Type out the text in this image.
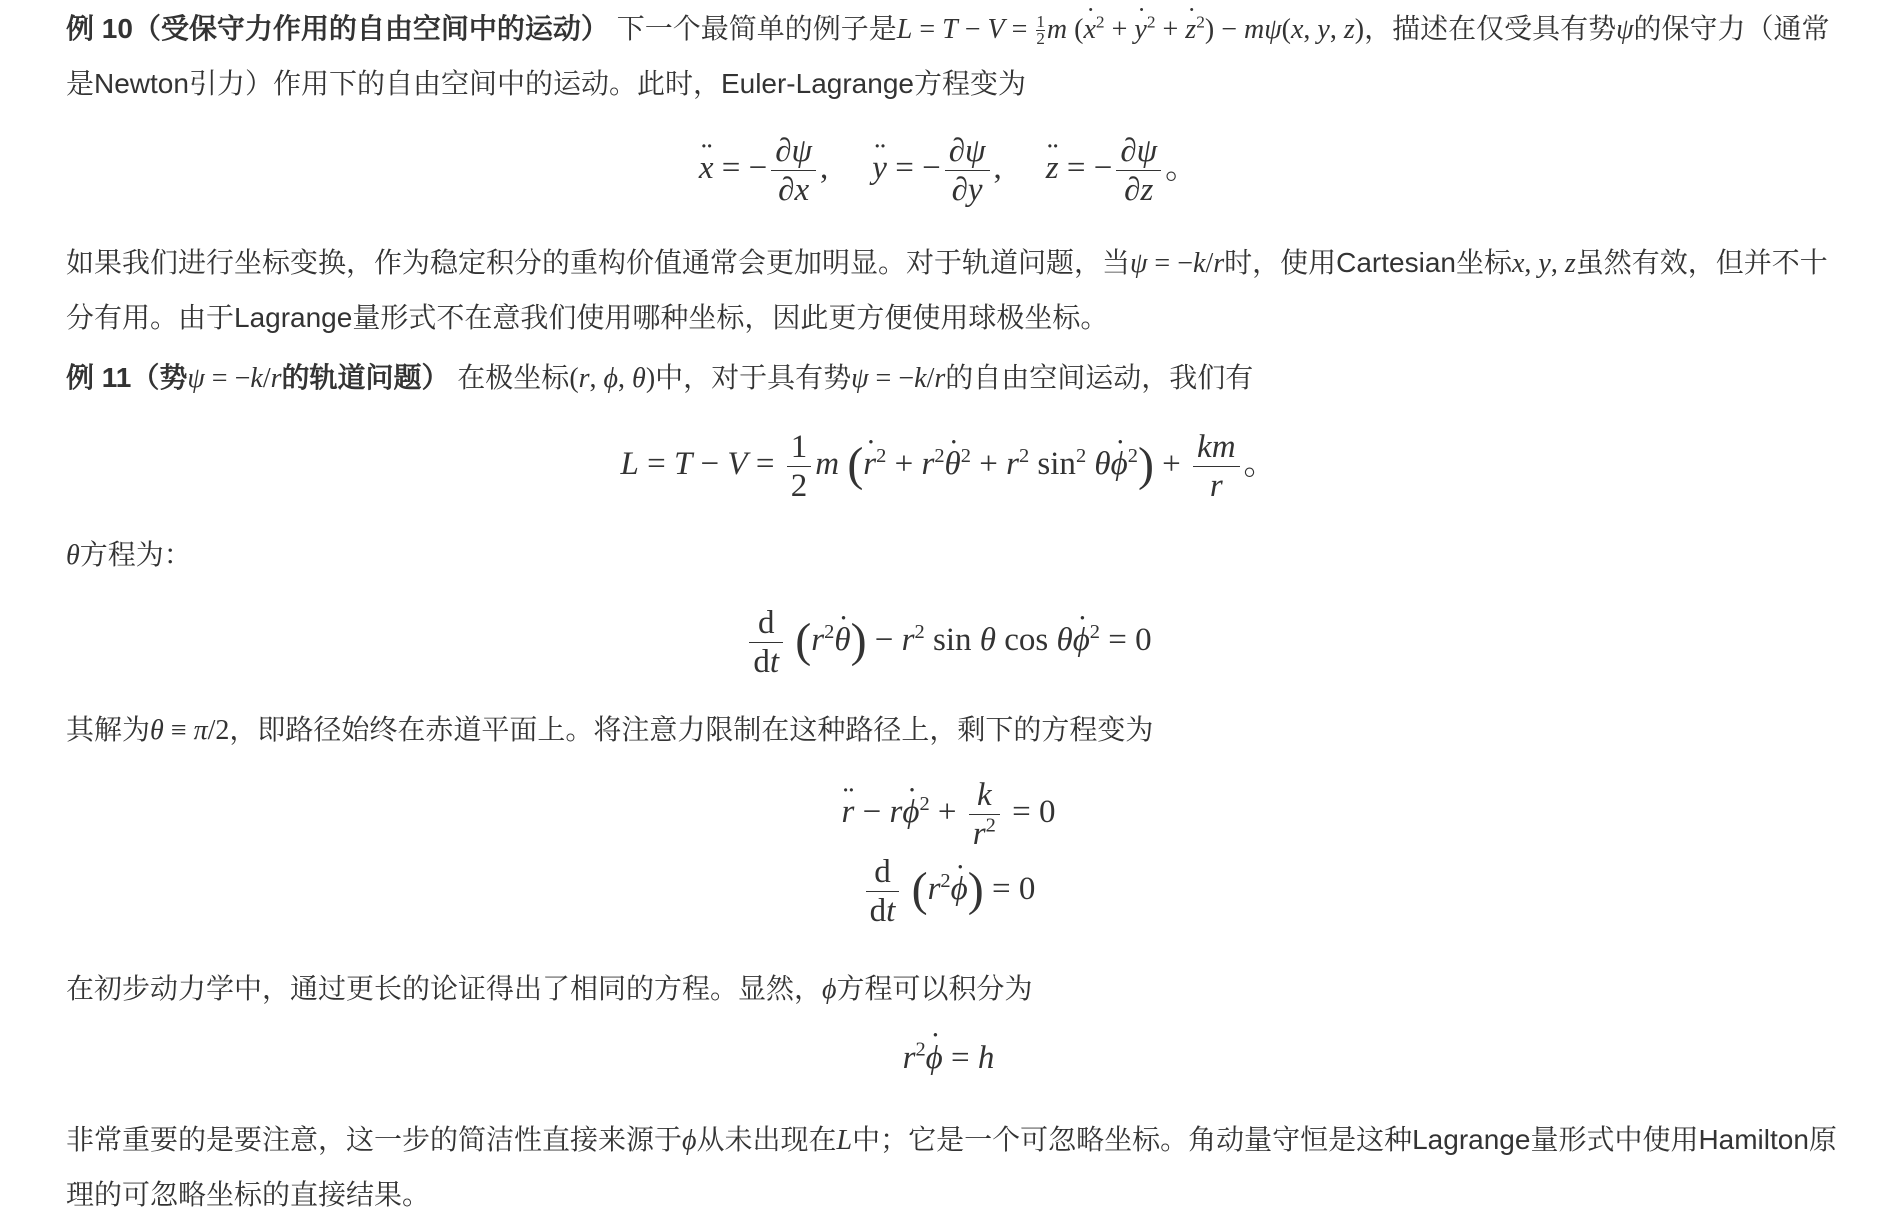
例 10（受保守力作用的自由空间中的运动） 下一个最简单的例子是$L = T - V = \frac{1}{2}$ m (˙ $x^2$ + ˙ $y^2$ + ˙ $z^2) - m\psi(x$, y, z)，描述在仅受具有势ψ的保守力（通常是Newton引力）作用下的自由空间中的运动。此时，Euler-Lagrange方程变为

¨ x = − $\frac{\partial\psi}{\partial x}$ , ¨ y = − $\frac{\partial\psi}{\partial y}$ , ¨ z = − $\frac{\partial\psi}{\partial z}$ 。

如果我们进行坐标变换，作为稳定积分的重构价值通常会更加明显。对于轨道问题，当ψ = −k/r时，使用Cartesian坐标x, y, z虽然有效，但并不十分有用。由于Lagrange量形式不在意我们使用哪种坐标，因此更方便使用球极坐标。

例 11（势ψ = −k/r的轨道问题） 在极坐标(r, ϕ, θ)中，对于具有势ψ = −k/r的自由空间运动，我们有

$L = T - V = \frac{1}{2}$ m (˙ $r^2$ + $r^2˙$ $\theta^2 + r^2$ $\sin^2$ θ˙ $\phi^2) + \frac{km}{r}$ 。

θ方程为：

$\frac{d}{dt}$ ($r^2˙$ $\theta) - r^2$ sin θ cos θ˙ $\phi^2 = 0$

其解为θ ≡ π/2，即路径始终在赤道平面上。将注意力限制在这种路径上，剩下的方程变为

¨ r − r˙ $\phi^2 + \frac{k}{r^2} = 0$
$\frac{d}{dt}$ ($r^2˙$ ϕ) = 0

在初步动力学中，通过更长的论证得出了相同的方程。显然，ϕ方程可以积分为

$r^2˙$ ϕ = h

非常重要的是要注意，这一步的简洁性直接来源于ϕ从未出现在L中；它是一个可忽略坐标。角动量守恒是这种Lagrange量形式中使用Hamilton原理的可忽略坐标的直接结果。
